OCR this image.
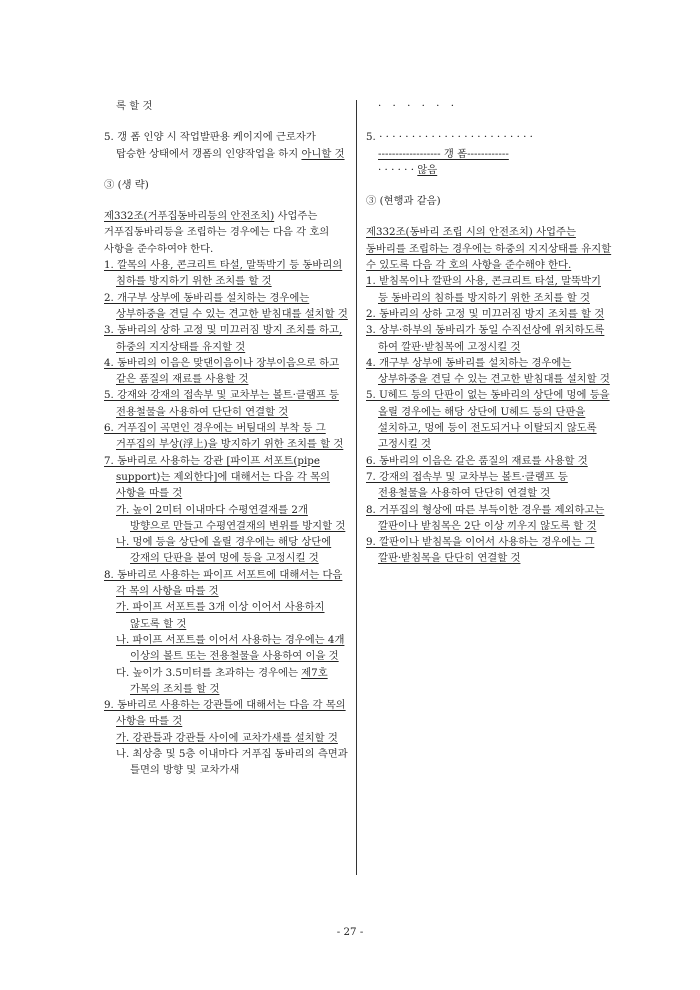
록 할 것

5. 갱 폼 인양 시 작업발판용 케이지에 근로자가 탑승한 상태에서 갱폼의 인양작업을 하지 아니할 것

③ (생 략)

제332조(거푸집동바리등의 안전조치) 사업주는 거푸집동바리등을 조립하는 경우에는 다음 각 호의 사항을 준수하여야 한다.

1. 깔목의 사용, 콘크리트 타설, 말뚝박기 등 동바리의 침하를 방지하기 위한 조치를 할 것

2. 개구부 상부에 동바리를 설치하는 경우에는 상부하중을 견딜 수 있는 견고한 받침대를 설치할 것

3. 동바리의 상하 고정 및 미끄러짐 방지 조치를 하고, 하중의 지지상태를 유지할 것

4. 동바리의 이음은 맞댄이음이나 장부이음으로 하고 같은 품질의 재료를 사용할 것

5. 강재와 강재의 접속부 및 교차부는 볼트·클램프 등 전용철물을 사용하여 단단히 연결할 것

6. 거푸집이 곡면인 경우에는 버팀대의 부착 등 그 거푸집의 부상(浮上)을 방지하기 위한 조치를 할 것

7. 동바리로 사용하는 강관 [파이프 서포트(pipe support)는 제외한다]에 대해서는 다음 각 목의 사항을 따를 것

가. 높이 2미터 이내마다 수평연결재를 2개 방향으로 만들고 수평연결재의 변위를 방지할 것

나. 멍에 등을 상단에 올릴 경우에는 해당 상단에 강재의 단판을 붙여 멍에 등을 고정시킬 것

8. 동바리로 사용하는 파이프 서포트에 대해서는 다음 각 목의 사항을 따를 것

가. 파이프 서포트를 3개 이상 이어서 사용하지 않도록 할 것

나. 파이프 서포트를 이어서 사용하는 경우에는 4개 이상의 볼트 또는 전용철물을 사용하여 이을 것

다. 높이가 3.5미터를 초과하는 경우에는 제7호 가목의 조치를 할 것

9. 동바리로 사용하는 강관틀에 대해서는 다음 각 목의 사항을 따를 것

가. 강관틀과 강관틀 사이에 교차가새를 설치할 것

나. 최상층 및 5층 이내마다 거푸집 동바리의 측면과 틀면의 방향 및 교차가새

· · · · · ·

5. · · · · · · · · · · · · · · · · · · · · · · · ·

------------------ 갱 폼------------

· · · · · · 않음

③ (현행과 같음)

제332조(동바리 조립 시의 안전조치) 사업주는 동바리를 조립하는 경우에는 하중의 지지상태를 유지할 수 있도록 다음 각 호의 사항을 준수해야 한다.

1. 받침목이나 깔판의 사용, 콘크리트 타설, 말뚝박기 등 동바리의 침하를 방지하기 위한 조치를 할 것

2. 동바리의 상하 고정 및 미끄러짐 방지 조치를 할 것

3. 상부·하부의 동바리가 동일 수직선상에 위치하도록 하여 깔판·받침목에 고정시킬 것

4. 개구부 상부에 동바리를 설치하는 경우에는 상부하중을 견딜 수 있는 견고한 받침대를 설치할 것

5. U헤드 등의 단판이 없는 동바리의 상단에 멍에 등을 올릴 경우에는 해당 상단에 U헤드 등의 단판을 설치하고, 멍에 등이 전도되거나 이탈되지 않도록 고정시킬 것

6. 동바리의 이음은 같은 품질의 재료를 사용할 것

7. 강재의 접속부 및 교차부는 볼트·클램프 등 전용철물을 사용하여 단단히 연결할 것

8. 거푸집의 형상에 따른 부득이한 경우를 제외하고는 깔판이나 받침목은 2단 이상 끼우지 않도록 할 것

9. 깔판이나 받침목을 이어서 사용하는 경우에는 그 깔판·받침목을 단단히 연결할 것

- 27 -
